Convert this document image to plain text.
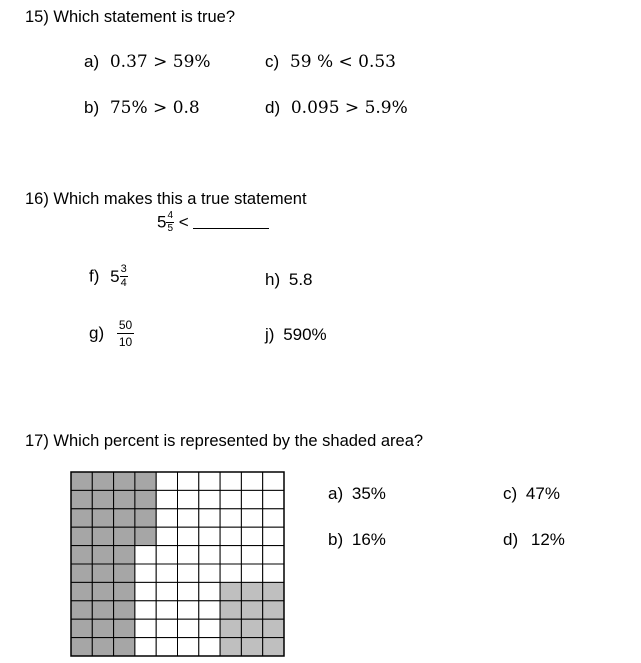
15) Which statement is true?
a) 0.37 > 59%
b) 75% > 0.8
c) 59 % < 0.53
d) 0.095 > 5.9%
16) Which makes this a true statement
$5 \frac{4}{5}$ <
f) $5 \frac{3}{4}$
$g) \frac{50}{10}$
h) 5.8
j) 590%
17) Which percent is represented by the shaded area?
a) 35%
b) 16%
c) 47%
d) 12%
